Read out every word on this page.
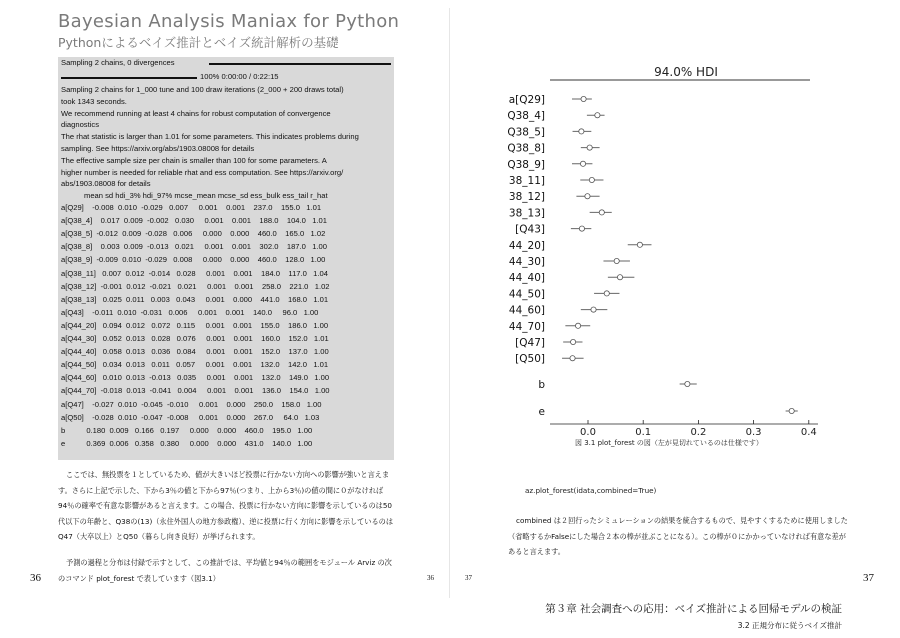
Bayesian Analysis Maniax for Python
Pythonによるベイズ推計とベイズ統計解析の基礎
Sampling 2 chains, 0 divergences
100% 0:00:00 / 0:22:15
Sampling 2 chains for 1_000 tune and 100 draw iterations (2_000 + 200 draws total)
took 1343 seconds.
We recommend running at least 4 chains for robust computation of convergence
diagnostics
The rhat statistic is larger than 1.01 for some parameters. This indicates problems during
sampling. See https://arxiv.org/abs/1903.08008 for details
The effective sample size per chain is smaller than 100 for some parameters. A
higher number is needed for reliable rhat and ess computation. See https://arxiv.org/
abs/1903.08008 for details
mean sd hdi_3% hdi_97% mcse_mean mcse_sd ess_bulk ess_tail r_hat
a[Q29]    -0.008  0.010  -0.029   0.007     0.001    0.001    237.0    155.0   1.01
a[Q38_4]    0.017  0.009  -0.002   0.030     0.001    0.001    188.0    104.0   1.01
a[Q38_5]  -0.012  0.009  -0.028   0.006     0.000    0.000    460.0    165.0   1.02
a[Q38_8]    0.003  0.009  -0.013   0.021     0.001    0.001    302.0    187.0   1.00
a[Q38_9]  -0.009  0.010  -0.029   0.008     0.000    0.000    460.0    128.0   1.00
a[Q38_11]   0.007  0.012  -0.014   0.028     0.001    0.001    184.0    117.0   1.04
a[Q38_12]  -0.001  0.012  -0.021   0.021     0.001    0.001    258.0    221.0   1.02
a[Q38_13]   0.025  0.011   0.003   0.043     0.001    0.000    441.0    168.0   1.01
a[Q43]    -0.011  0.010  -0.031   0.006     0.001    0.001    140.0     96.0   1.00
a[Q44_20]   0.094  0.012   0.072   0.115     0.001    0.001    155.0    186.0   1.00
a[Q44_30]   0.052  0.013   0.028   0.076     0.001    0.001    160.0    152.0   1.01
a[Q44_40]   0.058  0.013   0.036   0.084     0.001    0.001    152.0    137.0   1.00
a[Q44_50]   0.034  0.013   0.011   0.057     0.001    0.001    132.0    142.0   1.01
a[Q44_60]   0.010  0.013  -0.013   0.035     0.001    0.001    132.0    149.0   1.00
a[Q44_70]  -0.018  0.013  -0.041   0.004     0.001    0.001    136.0    154.0   1.00
a[Q47]    -0.027  0.010  -0.045  -0.010     0.001    0.000    250.0    158.0   1.00
a[Q50]    -0.028  0.010  -0.047  -0.008     0.001    0.000    267.0     64.0   1.03
b          0.180  0.009   0.166   0.197     0.000    0.000    460.0    195.0   1.00
e          0.369  0.006   0.358   0.380     0.000    0.000    431.0    140.0   1.00
ここでは、無投票を１としているため、値が大きいほど投票に行かない方向への影響が強いと言えます。さらに上記で示した、下から3％の値と下から97％(つまり、上から3％)の値の間に０がなければ94％の確率で有意な影響があると言えます。この場合、投票に行かない方向に影響を示しているのは50代以下の年齢と、Q38の(13)（永住外国人の地方参政権）、逆に投票に行く方向に影響を示しているのはQ47（大卒以上）とQ50（暮らし向き良好）が挙げられます。
予測の過程と分布は付録で示すとして、この推計では、平均値と94％の範囲をモジュール Arviz の次のコマンド plot_forest で表しています（図3.1）
36	36
94.0% HDI
0.0	0.1	0.2	0.3	0.4
a[Q29]
Q38_4]
Q38_5]
Q38_8]
Q38_9]
38_11]
38_12]
38_13]
[Q43]
44_20]
44_30]
44_40]
44_50]
44_60]
44_70]
[Q47]
[Q50]
b
e
図 3.1 plot_forest の図（左が見切れているのは仕様です）
az.plot_forest(idata,combined=True)
combined は２回行ったシミュレーションの結果を統合するもので、見やすくするために使用しました（省略するかFalseにした場合２本の棒が並ぶことになる）。この棒が０にかかっていなければ有意な差があると言えます。
37	37
第３章 社会調査への応用：ベイズ推計による回帰モデルの検証
3.2 正規分布に従うベイズ推計
